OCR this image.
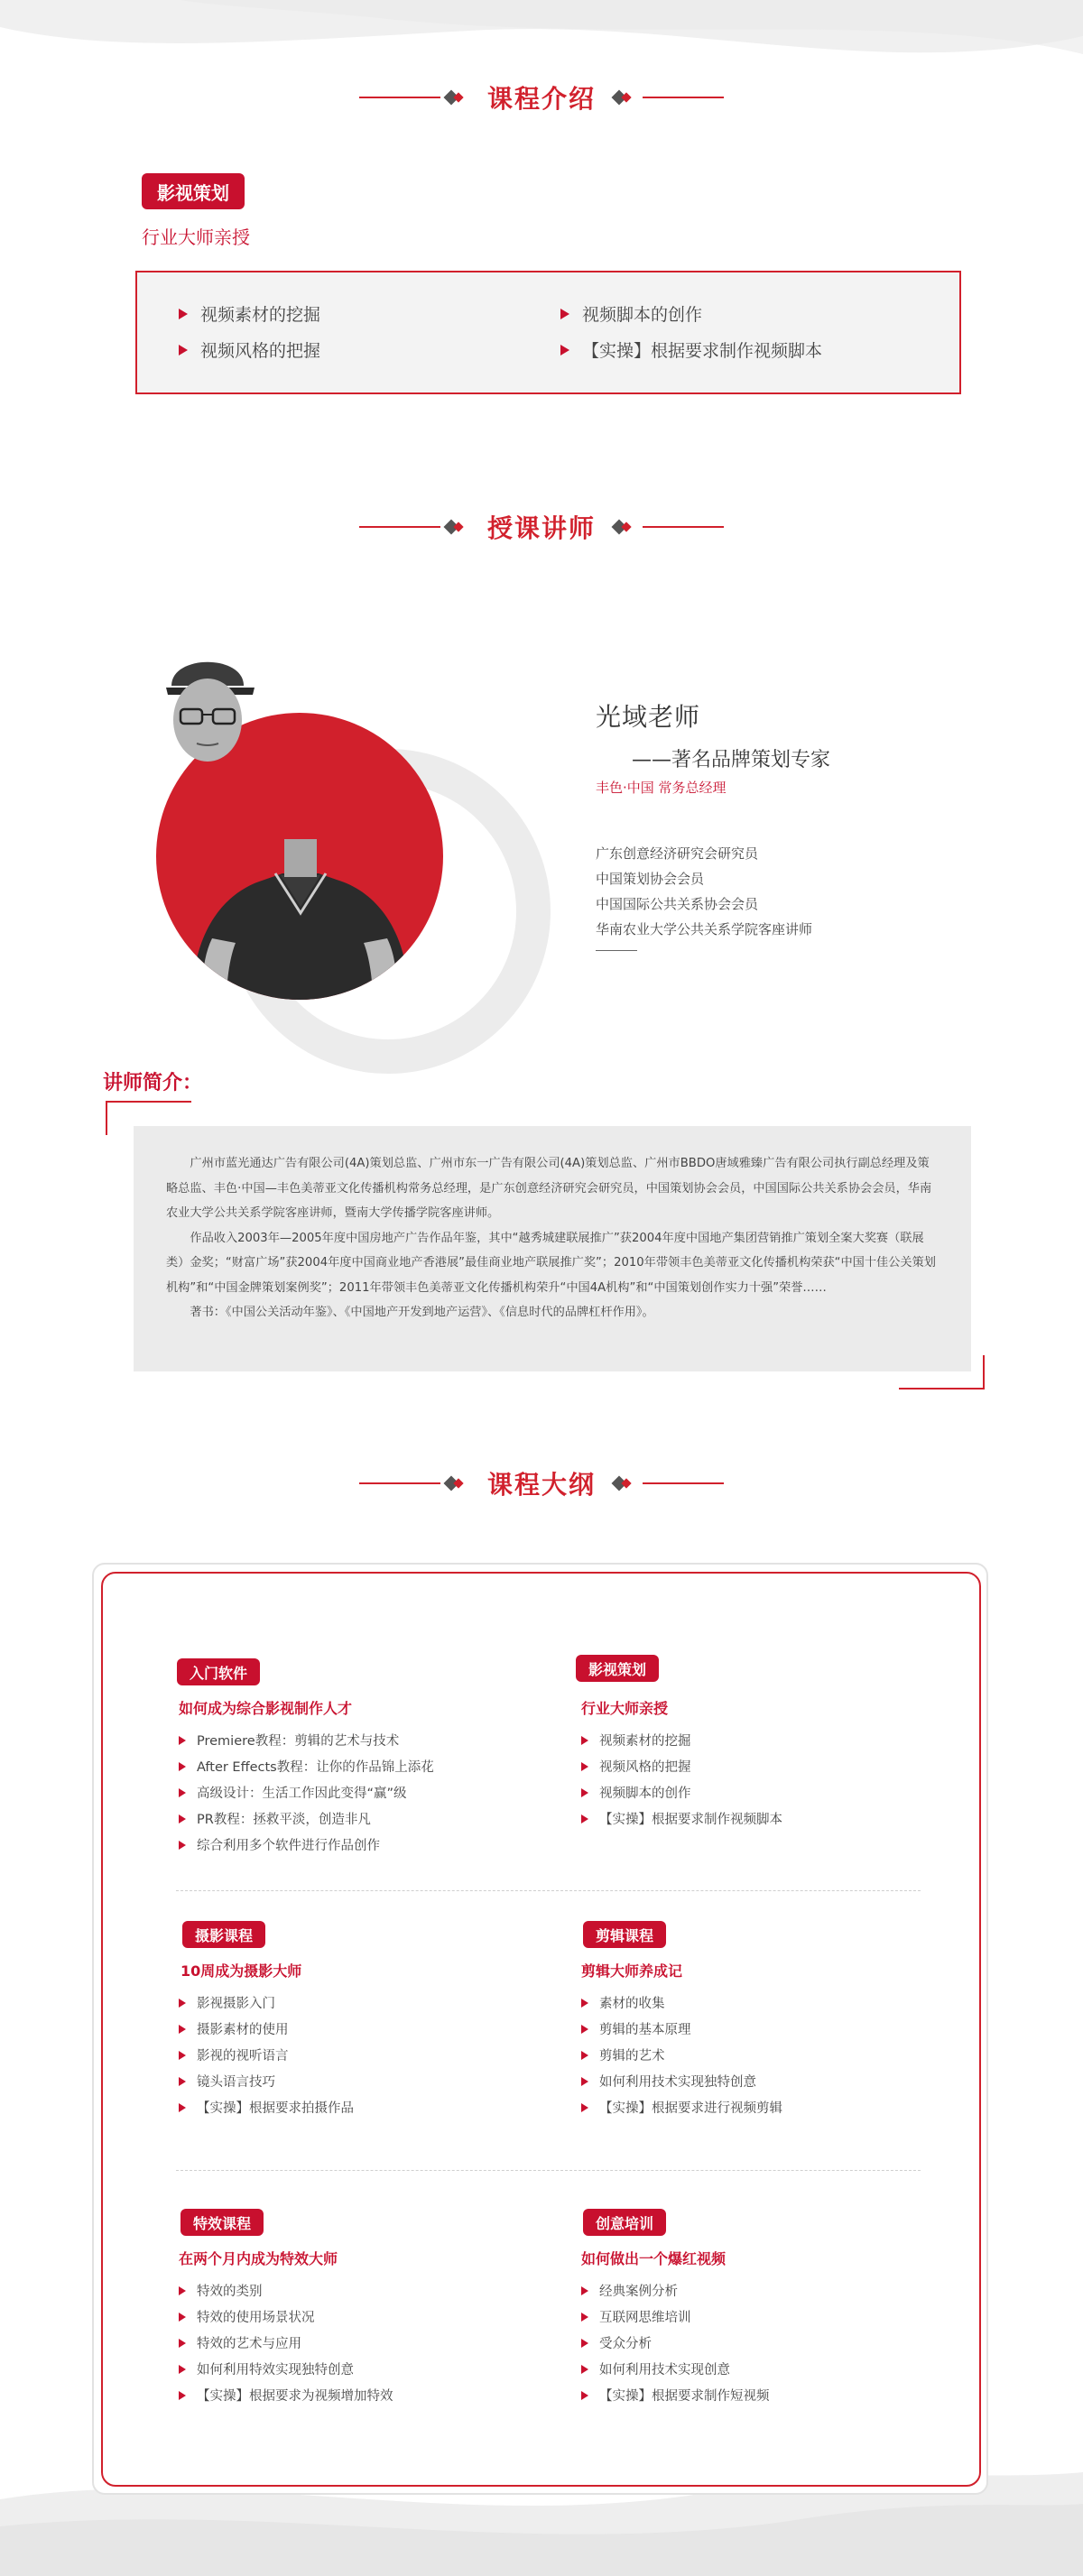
课程介绍
影视策划
行业大师亲授
视频素材的挖掘
视频风格的把握
视频脚本的创作
【实操】根据要求制作视频脚本
授课讲师
光域老师
——著名品牌策划专家
丰色·中国 常务总经理
广东创意经济研究会研究员
中国策划协会会员
中国国际公共关系协会会员
华南农业大学公共关系学院客座讲师
讲师简介：

广州市蓝光通达广告有限公司(4A)策划总监、广州市东一广告有限公司(4A)策划总监、广州市BBDO唐域雅臻广告有限公司执行副总经理及策略总监、丰色·中国—丰色美蒂亚文化传播机构常务总经理，是广东创意经济研究会研究员，中国策划协会会员，中国国际公共关系协会会员，华南农业大学公共关系学院客座讲师，暨南大学传播学院客座讲师。

作品收入2003年—2005年度中国房地产广告作品年鉴，其中“越秀城建联展推广”获2004年度中国地产集团营销推广策划全案大奖赛（联展类）金奖；“财富广场”获2004年度中国商业地产香港展”最佳商业地产联展推广奖”；2010年带领丰色美蒂亚文化传播机构荣获“中国十佳公关策划机构”和“中国金牌策划案例奖”；2011年带领丰色美蒂亚文化传播机构荣升“中国4A机构”和“中国策划创作实力十强”荣誉……

著书：《中国公关活动年鉴》、《中国地产开发到地产运营》、《信息时代的品牌杠杆作用》。

课程大纲
入门软件
如何成为综合影视制作人才
Premiere教程：剪辑的艺术与技术
After Effects教程：让你的作品锦上添花
高级设计：生活工作因此变得“赢”级
PR教程：拯救平淡，创造非凡
综合利用多个软件进行作品创作
影视策划
行业大师亲授
视频素材的挖掘
视频风格的把握
视频脚本的创作
【实操】根据要求制作视频脚本
摄影课程
10周成为摄影大师
影视摄影入门
摄影素材的使用
影视的视听语言
镜头语言技巧
【实操】根据要求拍摄作品
剪辑课程
剪辑大师养成记
素材的收集
剪辑的基本原理
剪辑的艺术
如何利用技术实现独特创意
【实操】根据要求进行视频剪辑
特效课程
在两个月内成为特效大师
特效的类别
特效的使用场景状况
特效的艺术与应用
如何利用特效实现独特创意
【实操】根据要求为视频增加特效
创意培训
如何做出一个爆红视频
经典案例分析
互联网思维培训
受众分析
如何利用技术实现创意
【实操】根据要求制作短视频
